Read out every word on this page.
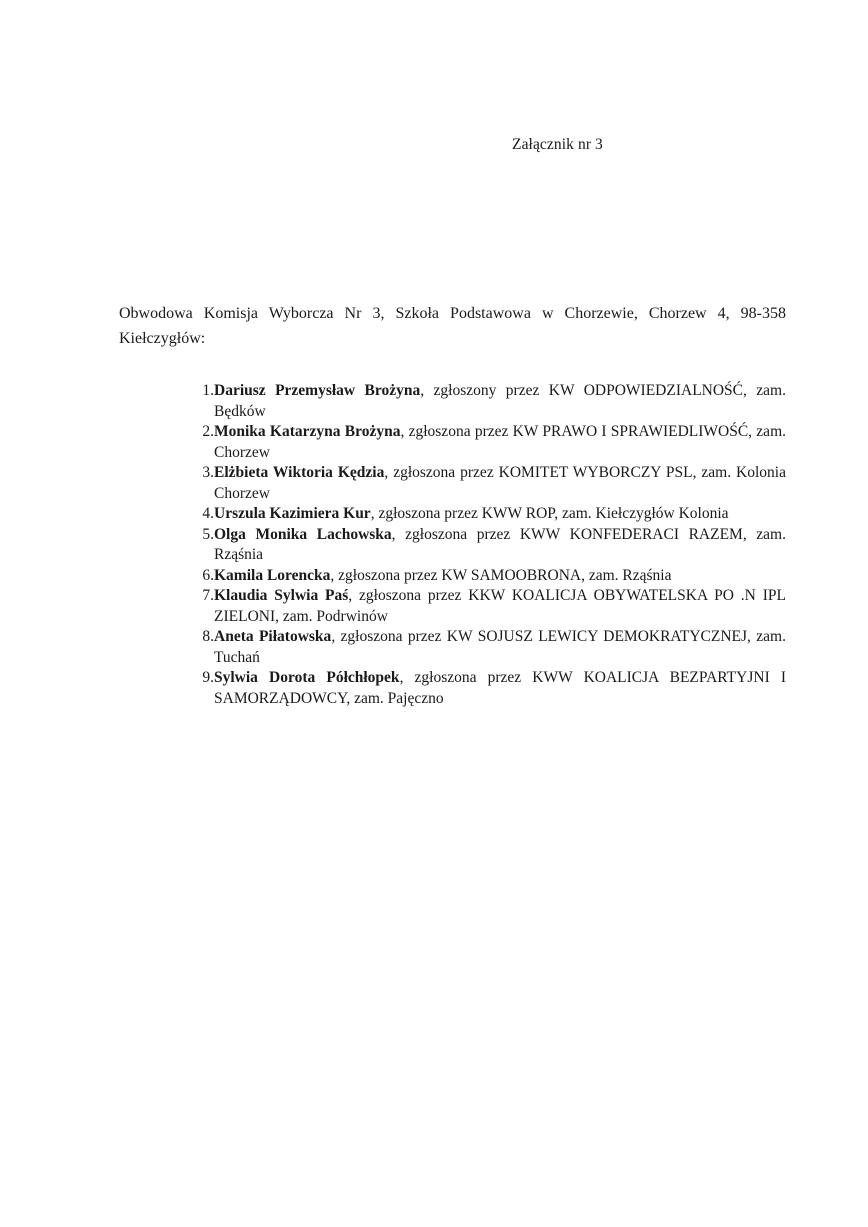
Załącznik nr 3

Obwodowa Komisja Wyborcza Nr 3, Szkoła Podstawowa w Chorzewie, Chorzew 4, 98-358 Kiełczygłów:

1. Dariusz Przemysław Brożyna, zgłoszony przez KW ODPOWIEDZIALNOŚĆ, zam. Będków
2. Monika Katarzyna Brożyna, zgłoszona przez KW PRAWO I SPRAWIEDLIWOŚĆ, zam. Chorzew
3. Elżbieta Wiktoria Kędzia, zgłoszona przez KOMITET WYBORCZY PSL, zam. Kolonia Chorzew
4. Urszula Kazimiera Kur, zgłoszona przez KWW ROP, zam. Kiełczygłów Kolonia
5. Olga Monika Lachowska, zgłoszona przez KWW KONFEDERACI RAZEM, zam. Rząśnia
6. Kamila Lorencka, zgłoszona przez KW SAMOOBRONA, zam. Rząśnia
7. Klaudia Sylwia Paś, zgłoszona przez KKW KOALICJA OBYWATELSKA PO .N IPL ZIELONI, zam. Podrwinów
8. Aneta Piłatowska, zgłoszona przez KW SOJUSZ LEWICY DEMOKRATYCZNEJ, zam. Tuchań
9. Sylwia Dorota Półchłopek, zgłoszona przez KWW KOALICJA BEZPARTYJNI I SAMORZĄDOWCY, zam. Pajęczno
